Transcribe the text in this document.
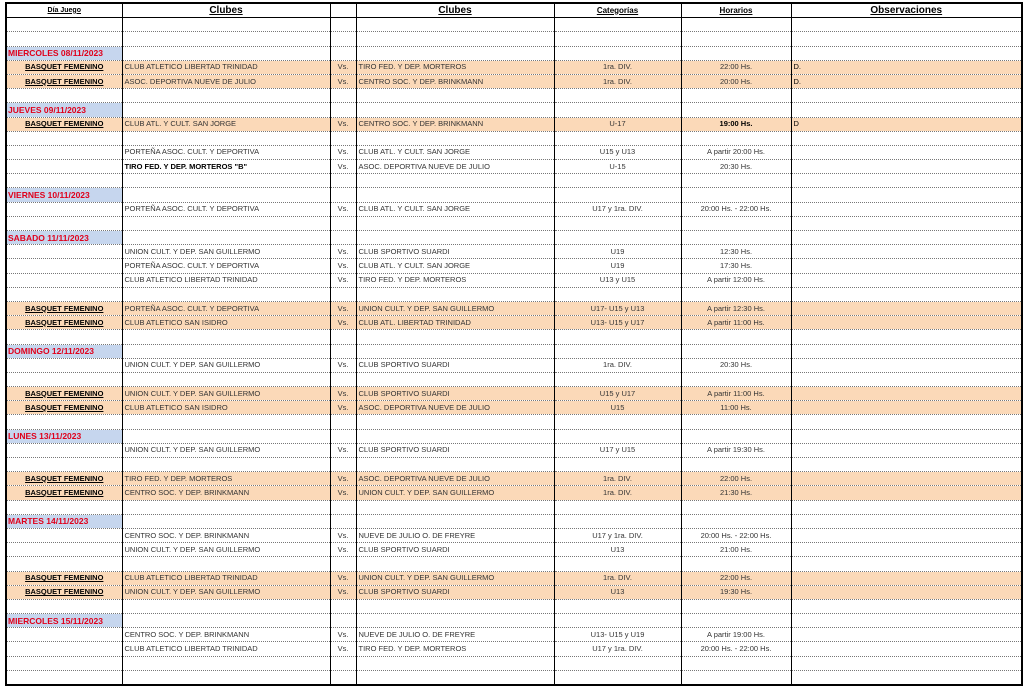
Día Juego	Clubes		Clubes	Categorías	Horarios	Observaciones

MIERCOLES 08/11/2023						
BASQUET FEMENINO	CLUB ATLETICO LIBERTAD TRINIDAD	Vs.	TIRO FED. Y DEP. MORTEROS	1ra. DIV.	22:00 Hs.	D.
BASQUET FEMENINO	ASOC. DEPORTIVA NUEVE DE JULIO	Vs.	CENTRO SOC. Y DEP. BRINKMANN	1ra. DIV.	20:00 Hs.	D.

JUEVES 09/11/2023						
BASQUET FEMENINO	CLUB ATL. Y CULT. SAN JORGE	Vs.	CENTRO SOC. Y DEP. BRINKMANN	U-17	19:00 Hs.	D

	PORTEÑA ASOC. CULT. Y DEPORTIVA	Vs.	CLUB ATL. Y CULT. SAN JORGE	U15 y U13	A partir 20:00 Hs.	
	TIRO FED. Y DEP. MORTEROS "B"	Vs.	ASOC. DEPORTIVA NUEVE DE JULIO	U-15	20:30 Hs.	

VIERNES 10/11/2023						
	PORTEÑA ASOC. CULT. Y DEPORTIVA	Vs.	CLUB ATL. Y CULT. SAN JORGE	U17 y 1ra. DIV.	20:00 Hs. - 22:00 Hs.	

SABADO 11/11/2023						
	UNION CULT. Y DEP. SAN GUILLERMO	Vs.	CLUB SPORTIVO SUARDI	U19	12:30 Hs.	
	PORTEÑA ASOC. CULT. Y DEPORTIVA	Vs.	CLUB ATL. Y CULT. SAN JORGE	U19	17:30 Hs.	
	CLUB ATLETICO LIBERTAD TRINIDAD	Vs.	TIRO FED. Y DEP. MORTEROS	U13 y U15	A partir 12:00 Hs.	

BASQUET FEMENINO	PORTEÑA ASOC. CULT. Y DEPORTIVA	Vs.	UNION CULT. Y DEP. SAN GUILLERMO	U17- U15 y U13	A partir 12:30 Hs.	
BASQUET FEMENINO	CLUB ATLETICO SAN ISIDRO	Vs.	CLUB ATL. LIBERTAD TRINIDAD	U13- U15 y U17	A partir 11:00 Hs.	

DOMINGO 12/11/2023						
	UNION CULT. Y DEP. SAN GUILLERMO	Vs.	CLUB SPORTIVO SUARDI	1ra. DIV.	20:30 Hs.	

BASQUET FEMENINO	UNION CULT. Y DEP. SAN GUILLERMO	Vs.	CLUB SPORTIVO SUARDI	U15 y U17	A partir 11:00 Hs.	
BASQUET FEMENINO	CLUB ATLETICO SAN ISIDRO	Vs.	ASOC. DEPORTIVA NUEVE DE JULIO	U15	11:00 Hs.	

LUNES 13/11/2023						
	UNION CULT. Y DEP. SAN GUILLERMO	Vs.	CLUB SPORTIVO SUARDI	U17 y U15	A partir 19:30 Hs.	

BASQUET FEMENINO	TIRO FED. Y DEP. MORTEROS	Vs.	ASOC. DEPORTIVA NUEVE DE JULIO	1ra. DIV.	22:00 Hs.	
BASQUET FEMENINO	CENTRO SOC. Y DEP. BRINKMANN	Vs.	UNION CULT. Y DEP. SAN GUILLERMO	1ra. DIV.	21:30 Hs.	

MARTES 14/11/2023						
	CENTRO SOC. Y DEP. BRINKMANN	Vs.	NUEVE DE JULIO O. DE FREYRE	U17 y 1ra. DIV.	20:00 Hs. - 22:00 Hs.	
	UNION CULT. Y DEP. SAN GUILLERMO	Vs.	CLUB SPORTIVO SUARDI	U13	21:00 Hs.	

BASQUET FEMENINO	CLUB ATLETICO LIBERTAD TRINIDAD	Vs.	UNION CULT. Y DEP. SAN GUILLERMO	1ra. DIV.	22:00 Hs.	
BASQUET FEMENINO	UNION CULT. Y DEP. SAN GUILLERMO	Vs.	CLUB SPORTIVO SUARDI	U13	19:30 Hs.	

MIERCOLES 15/11/2023						
	CENTRO SOC. Y DEP. BRINKMANN	Vs.	NUEVE DE JULIO O. DE FREYRE	U13- U15 y U19	A partir 19:00 Hs.	
	CLUB ATLETICO LIBERTAD TRINIDAD	Vs.	TIRO FED. Y DEP. MORTEROS	U17 y 1ra. DIV.	20:00 Hs. - 22:00 Hs.	
